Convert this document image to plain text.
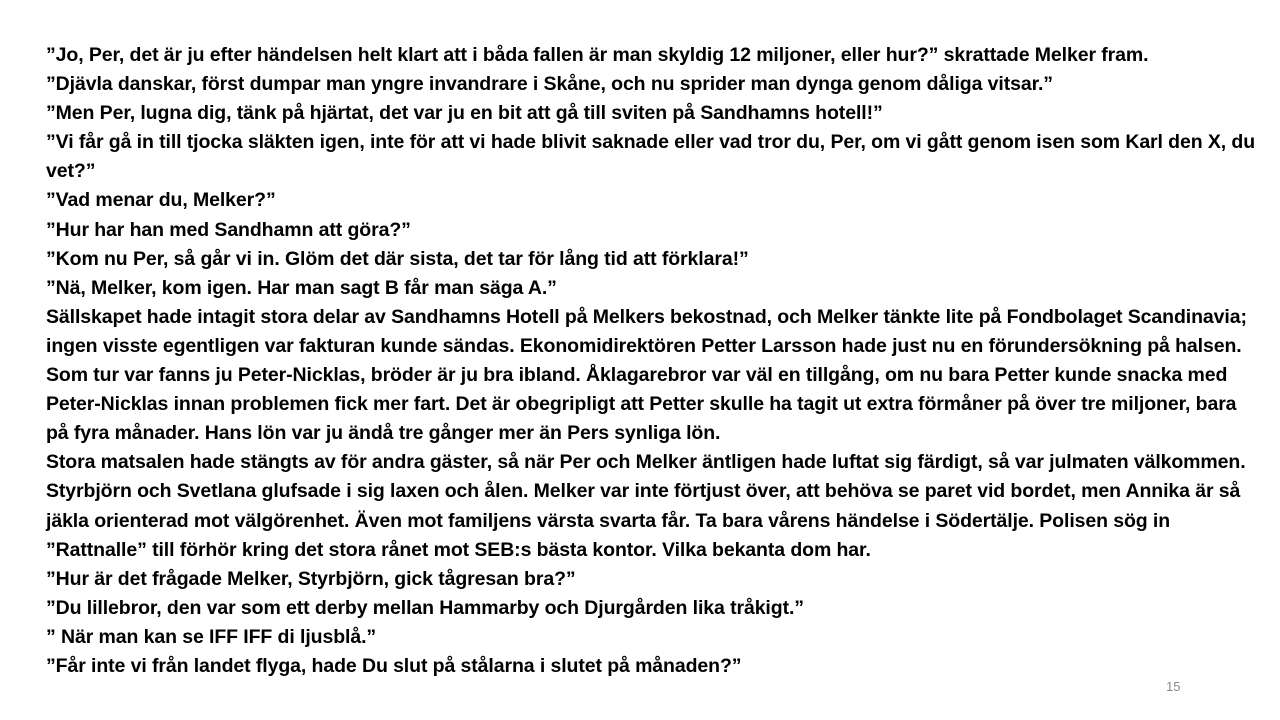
”Jo, Per, det är ju efter händelsen helt klart att i båda fallen är man skyldig 12 miljoner, eller hur?” skrattade Melker fram.

”Djävla danskar, först dumpar man yngre invandrare i Skåne, och nu sprider man dynga genom dåliga vitsar.”

”Men Per, lugna dig, tänk på hjärtat, det var ju en bit att gå till sviten på Sandhamns hotell!”

”Vi får gå in till tjocka släkten igen, inte för att vi hade blivit saknade eller vad tror du, Per, om vi gått genom isen som Karl den X, du vet?”

”Vad menar du, Melker?”

”Hur har han med Sandhamn att göra?”

”Kom nu Per, så går vi in. Glöm det där sista, det tar för lång tid att förklara!”

”Nä, Melker, kom igen. Har man sagt B får man säga A.”

Sällskapet hade intagit stora delar av Sandhamns Hotell på Melkers bekostnad, och Melker tänkte lite på Fondbolaget Scandinavia; ingen visste egentligen var fakturan kunde sändas. Ekonomidirektören Petter Larsson hade just nu en förundersökning på halsen. Som tur var fanns ju Peter-Nicklas, bröder är ju bra ibland. Åklagarebror var väl en tillgång, om nu bara Petter kunde snacka med Peter-Nicklas innan problemen fick mer fart. Det är obegripligt att Petter skulle ha tagit ut extra förmåner på över tre miljoner, bara på fyra månader. Hans lön var ju ändå tre gånger mer än Pers synliga lön.

Stora matsalen hade stängts av för andra gäster, så när Per och Melker äntligen hade luftat sig färdigt, så var julmaten välkommen. Styrbjörn och Svetlana glufsade i sig laxen och ålen. Melker var inte förtjust över, att behöva se paret vid bordet, men Annika är så jäkla orienterad mot välgörenhet. Även mot familjens värsta svarta får. Ta bara vårens händelse i Södertälje. Polisen sög in ”Rattnalle” till förhör kring det stora rånet mot SEB:s bästa kontor. Vilka bekanta dom har.

”Hur är det frågade Melker, Styrbjörn, gick tågresan bra?”

”Du lillebror, den var som ett derby mellan Hammarby och Djurgården lika tråkigt.”

” När man kan se IFF IFF di ljusblå.”

”Får inte vi från landet flyga, hade Du slut på stålarna i slutet på månaden?”

15
